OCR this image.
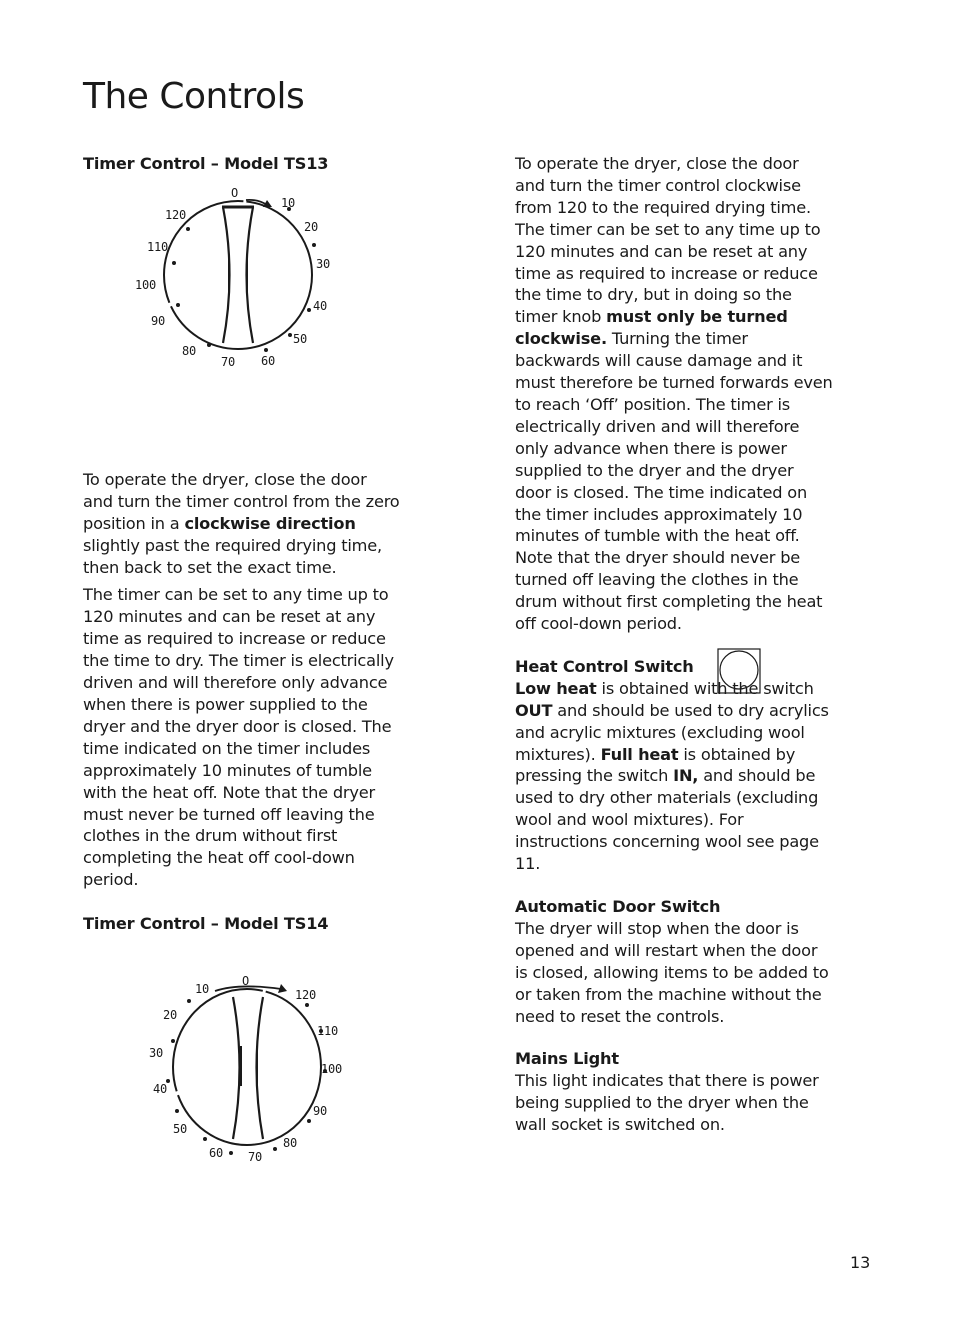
The Controls

Timer Control – Model TS13

O
10
20
30
40
50
60
70
80
90
100
110
120

To operate the dryer, close the door and turn the timer control from the zero position in a clockwise direction slightly past the required drying time, then back to set the exact time.

The timer can be set to any time up to 120 minutes and can be reset at any time as required to increase or reduce the time to dry. The timer is electrically driven and will therefore only advance when there is power supplied to the dryer and the dryer door is closed. The time indicated on the timer includes approximately 10 minutes of tumble with the heat off. Note that the dryer must never be turned off leaving the clothes in the drum without first completing the heat off cool-down period.

Timer Control – Model TS14

O
10
20
30
40
50
60 70
80
90
100
110
120

To operate the dryer, close the door and turn the timer control clockwise from 120 to the required drying time. The timer can be set to any time up to 120 minutes and can be reset at any time as required to increase or reduce the time to dry, but in doing so the timer knob must only be turned clockwise. Turning the timer backwards will cause damage and it must therefore be turned forwards even to reach ‘Off’ position. The timer is electrically driven and will therefore only advance when there is power supplied to the dryer and the dryer door is closed. The time indicated on the timer includes approximately 10 minutes of tumble with the heat off. Note that the dryer should never be turned off leaving the clothes in the drum without first completing the heat off cool-down period.

Heat Control Switch

Low heat is obtained with the switch OUT and should be used to dry acrylics and acrylic mixtures (excluding wool mixtures). Full heat is obtained by pressing the switch IN, and should be used to dry other materials (excluding wool and wool mixtures). For instructions concerning wool see page 11.

Automatic Door Switch

The dryer will stop when the door is opened and will restart when the door is closed, allowing items to be added to or taken from the machine without the need to reset the controls.

Mains Light

This light indicates that there is power being supplied to the dryer when the wall socket is switched on.

13
